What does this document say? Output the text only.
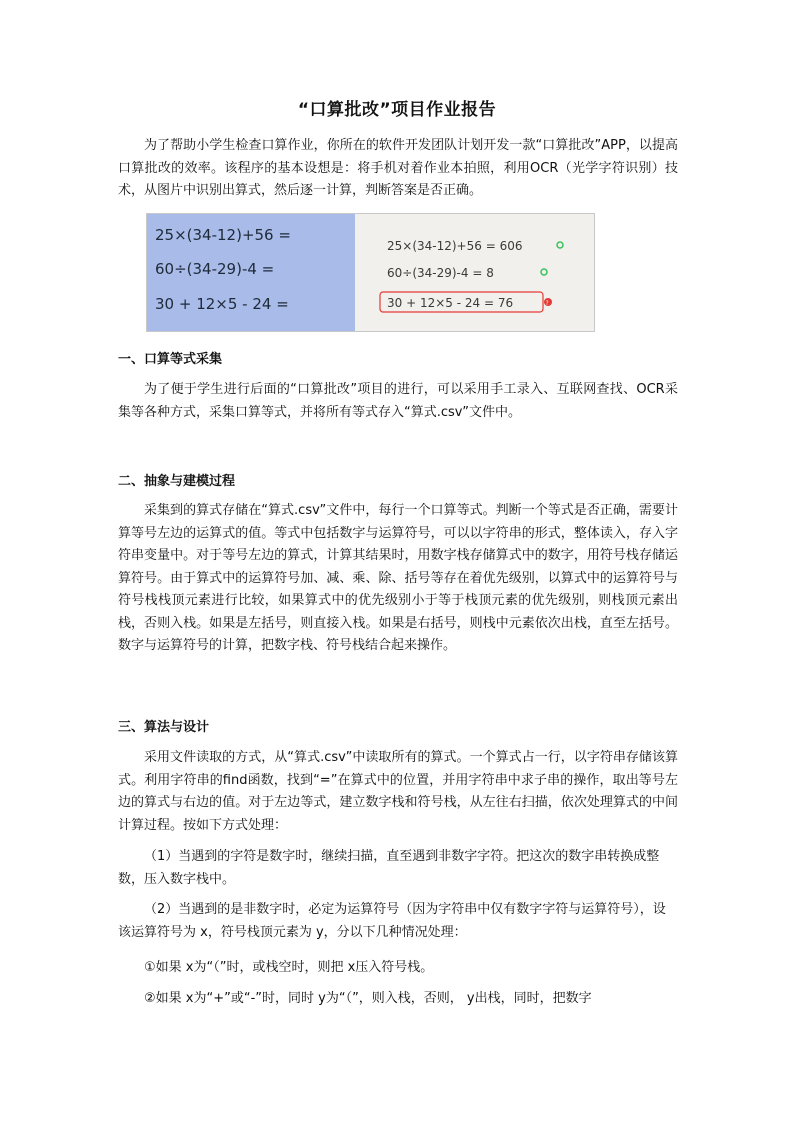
“口算批改”项目作业报告

为了帮助小学生检查口算作业，你所在的软件开发团队计划开发一款“口算批改”APP，以提高口算批改的效率。该程序的基本设想是：将手机对着作业本拍照，利用OCR（光学字符识别）技术，从图片中识别出算式，然后逐一计算，判断答案是否正确。

25×(34-12)+56 =
60÷(34-29)-4 =
30 + 12×5 - 24 =
25×(34-12)+56 = 606
60÷(34-29)-4 = 8
30 + 12×5 - 24 = 76	?

一、口算等式采集

为了便于学生进行后面的“口算批改”项目的进行，可以采用手工录入、互联网查找、OCR采集等各种方式，采集口算等式，并将所有等式存入“算式.csv”文件中。

二、抽象与建模过程

采集到的算式存储在“算式.csv”文件中，每行一个口算等式。判断一个等式是否正确，需要计算等号左边的运算式的值。等式中包括数字与运算符号，可以以字符串的形式，整体读入，存入字符串变量中。对于等号左边的算式，计算其结果时，用数字栈存储算式中的数字，用符号栈存储运算符号。由于算式中的运算符号加、减、乘、除、括号等存在着优先级别，以算式中的运算符号与符号栈栈顶元素进行比较，如果算式中的优先级别小于等于栈顶元素的优先级别，则栈顶元素出栈，否则入栈。如果是左括号，则直接入栈。如果是右括号，则栈中元素依次出栈，直至左括号。数字与运算符号的计算，把数字栈、符号栈结合起来操作。

三、算法与设计

采用文件读取的方式，从“算式.csv”中读取所有的算式。一个算式占一行，以字符串存储该算式。利用字符串的find函数，找到“=”在算式中的位置，并用字符串中求子串的操作，取出等号左边的算式与右边的值。对于左边等式，建立数字栈和符号栈，从左往右扫描，依次处理算式的中间计算过程。按如下方式处理：

（1）当遇到的字符是数字时，继续扫描，直至遇到非数字字符。把这次的数字串转换成整数，压入数字栈中。

（2）当遇到的是非数字时，必定为运算符号（因为字符串中仅有数字字符与运算符号），设该运算符号为 x，符号栈顶元素为 y，分以下几种情况处理：

①如果 x为“（”时，或栈空时，则把 x压入符号栈。

②如果 x为“+”或“-”时，同时 y为“（”，则入栈，否则， y出栈，同时，把数字
